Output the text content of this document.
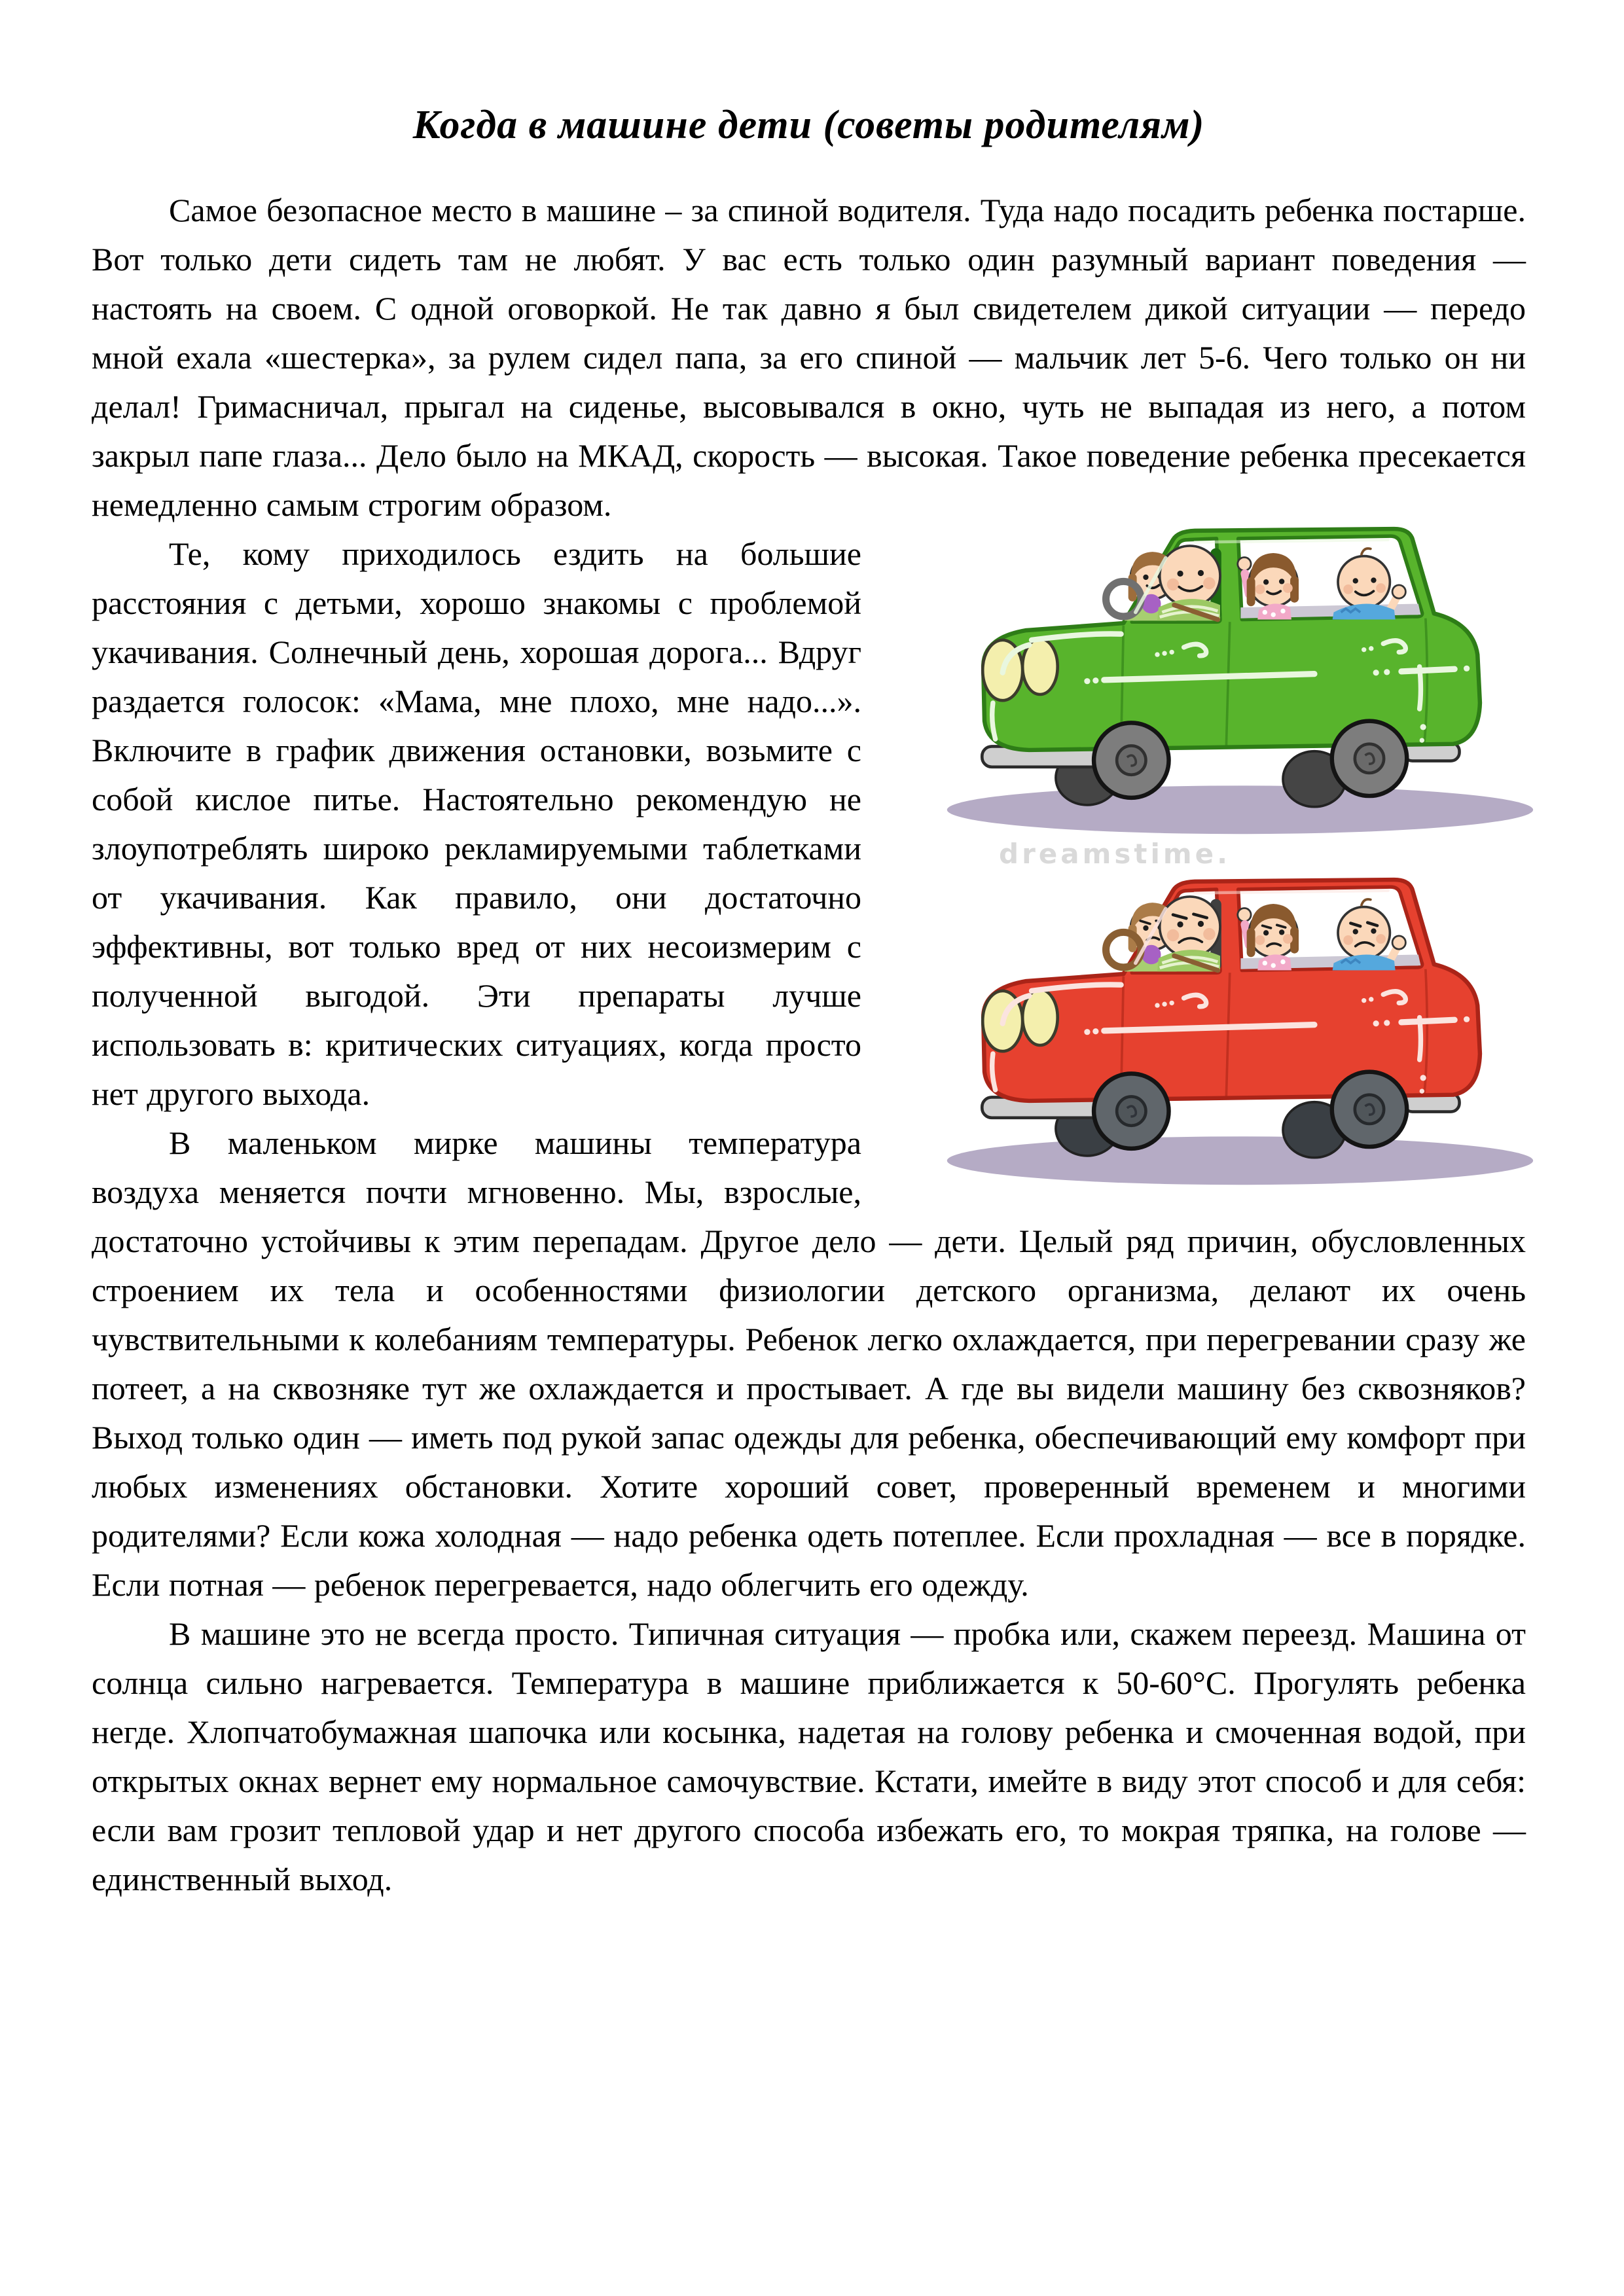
Когда в машине дети (советы родителям)

Самое безопасное место в машине – за спиной водителя. Туда надо посадить ребенка постарше. Вот только дети сидеть там не любят. У вас есть только один разумный вариант поведения — настоять на своем. С одной оговоркой. Не так давно я был свидетелем дикой ситуации — передо мной ехала «шестерка», за рулем сидел папа, за его спиной — мальчик лет 5-6. Чего только он ни делал! Гримасничал, прыгал на сиденье, высовывался в окно, чуть не выпадая из него, а потом закрыл папе глаза... Дело было на МКАД, скорость — высокая. Такое поведение ребенка пресекается немедленно самым строгим образом.

dreamstime.

Те, кому приходилось ездить на большие расстояния с детьми, хорошо знакомы с проблемой укачивания. Солнечный день, хорошая дорога... Вдруг раздается голосок: «Мама, мне плохо, мне надо...». Включите в график движения остановки, возьмите с собой кислое питье. Настоятельно рекомендую не злоупотреблять широко рекламируемыми таблетками от укачивания. Как правило, они достаточно эффективны, вот только вред от них несоизмерим с полученной выгодой. Эти препараты лучше использовать в: критических ситуациях, когда просто нет другого выхода.

В маленьком мирке машины температура воздуха меняется почти мгновенно. Мы, взрослые, достаточно устойчивы к этим перепадам. Другое дело — дети. Целый ряд причин, обусловленных строением их тела и особенностями физиологии детского организма, делают их очень чувствительными к колебаниям температуры. Ребенок легко охлаждается, при перегревании сразу же потеет, а на сквозняке тут же охлаждается и простывает. А где вы видели машину без сквозняков? Выход только один — иметь под рукой запас одежды для ребенка, обеспечивающий ему комфорт при любых изменениях обстановки. Хотите хороший совет, проверенный временем и многими родителями? Если кожа холодная — надо ребенка одеть потеплее. Если прохладная — все в порядке. Если потная — ребенок перегревается, надо облегчить его одежду.

В машине это не всегда просто. Типичная ситуация — пробка или, скажем переезд. Машина от солнца сильно нагревается. Температура в машине приближается к 50-60°С. Прогулять ребенка негде. Хлопчатобумажная шапочка или косынка, надетая на голову ребенка и смоченная водой, при открытых окнах вернет ему нормальное самочувствие. Кстати, имейте в виду этот способ и для себя: если вам грозит тепловой удар и нет другого способа избежать его, то мокрая тряпка, на голове — единственный выход.
